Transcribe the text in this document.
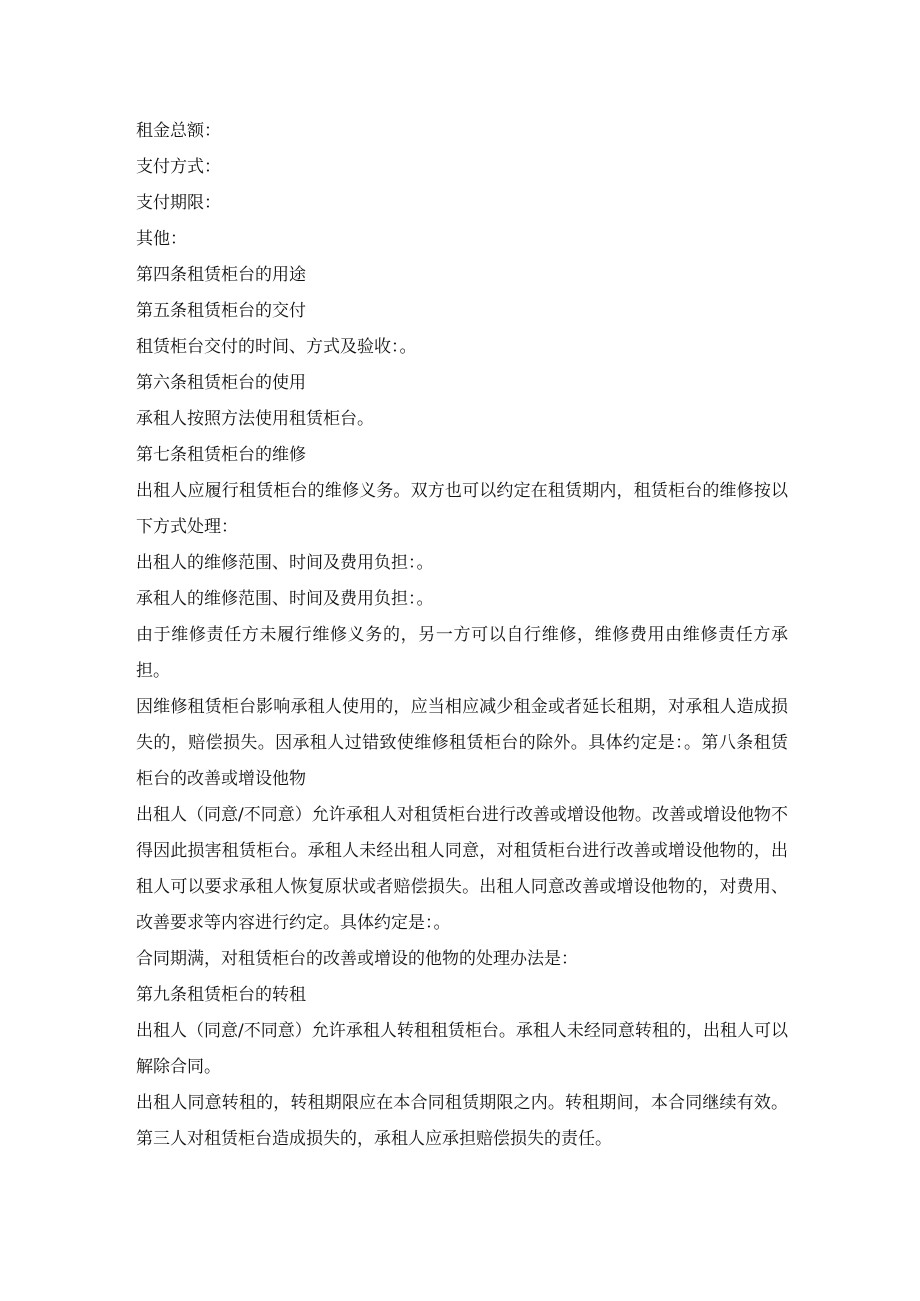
租金总额：

支付方式：

支付期限：

其他：

第四条租赁柜台的用途

第五条租赁柜台的交付

租赁柜台交付的时间、方式及验收：。

第六条租赁柜台的使用

承租人按照方法使用租赁柜台。

第七条租赁柜台的维修

出租人应履行租赁柜台的维修义务。双方也可以约定在租赁期内，租赁柜台的维修按以下方式处理：

出租人的维修范围、时间及费用负担：。

承租人的维修范围、时间及费用负担：。

由于维修责任方未履行维修义务的，另一方可以自行维修，维修费用由维修责任方承担。

因维修租赁柜台影响承租人使用的，应当相应减少租金或者延长租期，对承租人造成损失的，赔偿损失。因承租人过错致使维修租赁柜台的除外。具体约定是：。第八条租赁柜台的改善或增设他物

出租人（同意/不同意）允许承租人对租赁柜台进行改善或增设他物。改善或增设他物不得因此损害租赁柜台。承租人未经出租人同意，对租赁柜台进行改善或增设他物的，出租人可以要求承租人恢复原状或者赔偿损失。出租人同意改善或增设他物的，对费用、改善要求等内容进行约定。具体约定是：。

合同期满，对租赁柜台的改善或增设的他物的处理办法是：

第九条租赁柜台的转租

出租人（同意/不同意）允许承租人转租租赁柜台。承租人未经同意转租的，出租人可以解除合同。

出租人同意转租的，转租期限应在本合同租赁期限之内。转租期间，本合同继续有效。第三人对租赁柜台造成损失的，承租人应承担赔偿损失的责任。
